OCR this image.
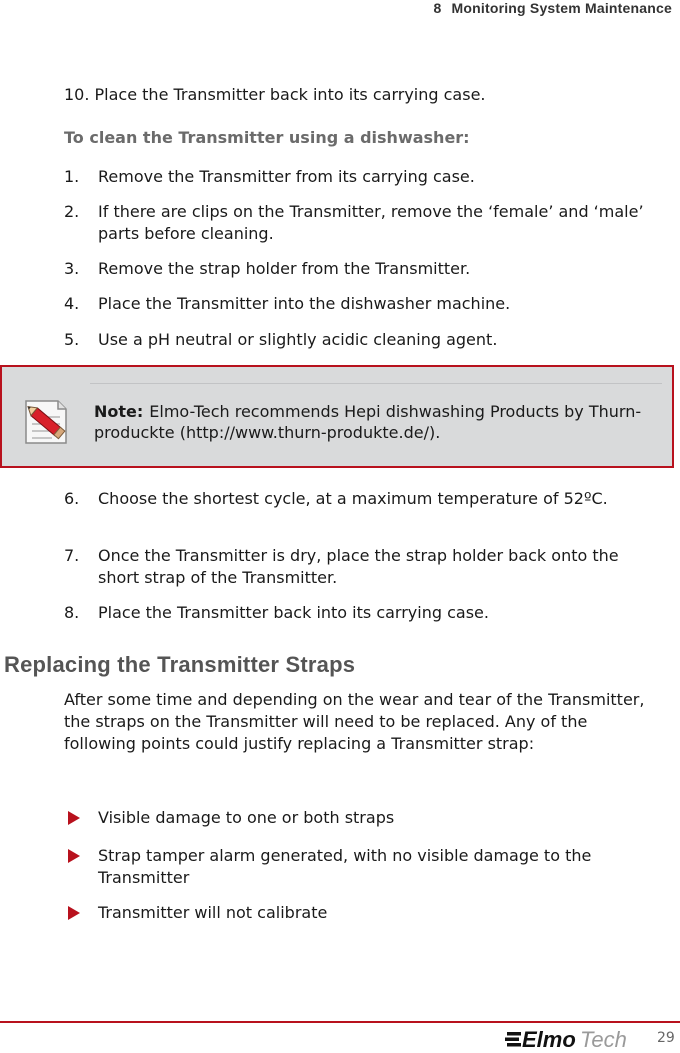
8 Monitoring System Maintenance
10. Place the Transmitter back into its carrying case.
To clean the Transmitter using a dishwasher:
1.	Remove the Transmitter from its carrying case.
2.	If there are clips on the Transmitter, remove the ‘female’ and ‘male’ parts before cleaning.
3.	Remove the strap holder from the Transmitter.
4.	Place the Transmitter into the dishwasher machine.
5.	Use a pH neutral or slightly acidic cleaning agent.
Note: Elmo-Tech recommends Hepi dishwashing Products by Thurn-produckte (http://www.thurn-produkte.de/).
6.	Choose the shortest cycle, at a maximum temperature of 52ºC.
7.	Once the Transmitter is dry, place the strap holder back onto the short strap of the Transmitter.
8.	Place the Transmitter back into its carrying case.
Replacing the Transmitter Straps
After some time and depending on the wear and tear of the Transmitter, the straps on the Transmitter will need to be replaced. Any of the following points could justify replacing a Transmitter strap:
Visible damage to one or both straps
Strap tamper alarm generated, with no visible damage to the Transmitter
Transmitter will not calibrate
Elmo Tech 29
